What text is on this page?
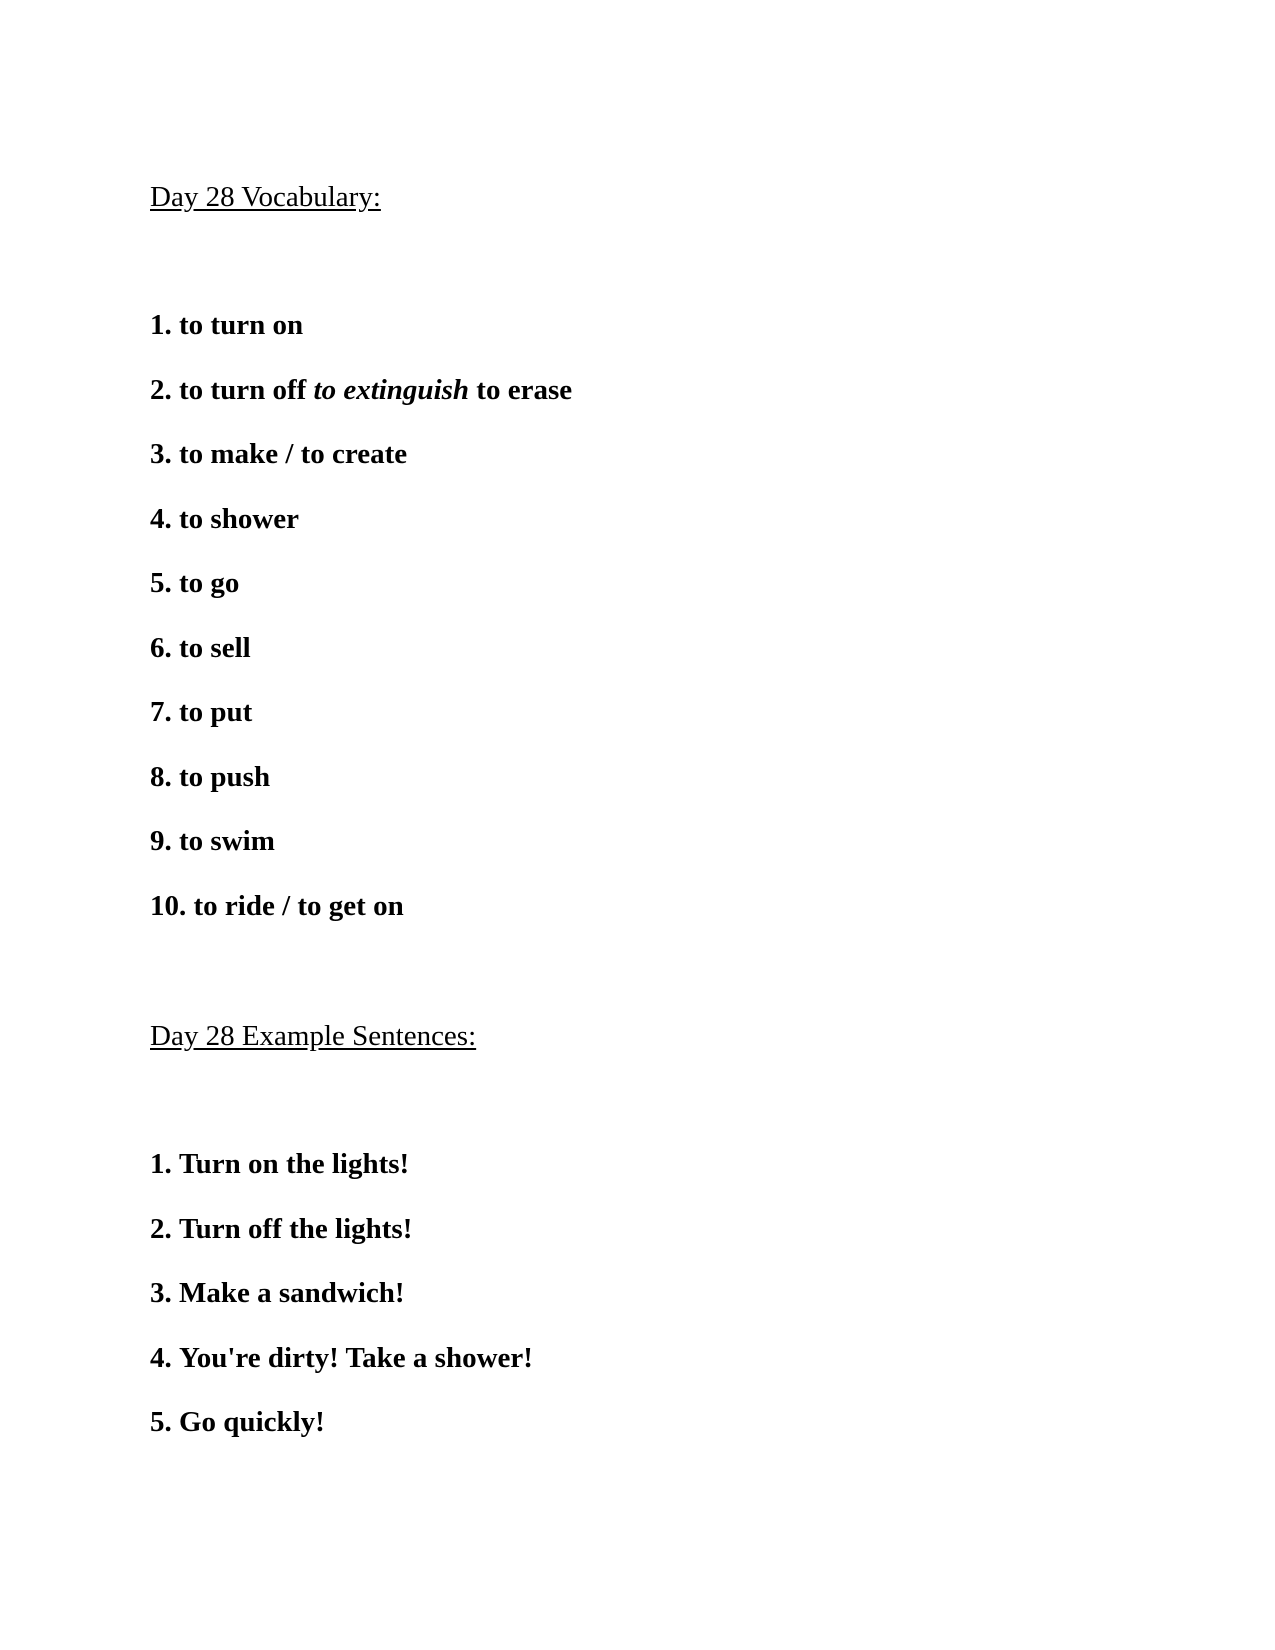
Day 28 Vocabulary:
1. to turn on
2. to turn off to extinguish to erase
3. to make / to create
4. to shower
5. to go
6. to sell
7. to put
8. to push
9. to swim
10. to ride / to get on
Day 28 Example Sentences:
1. Turn on the lights!
2. Turn off the lights!
3. Make a sandwich!
4. You're dirty! Take a shower!
5. Go quickly!
